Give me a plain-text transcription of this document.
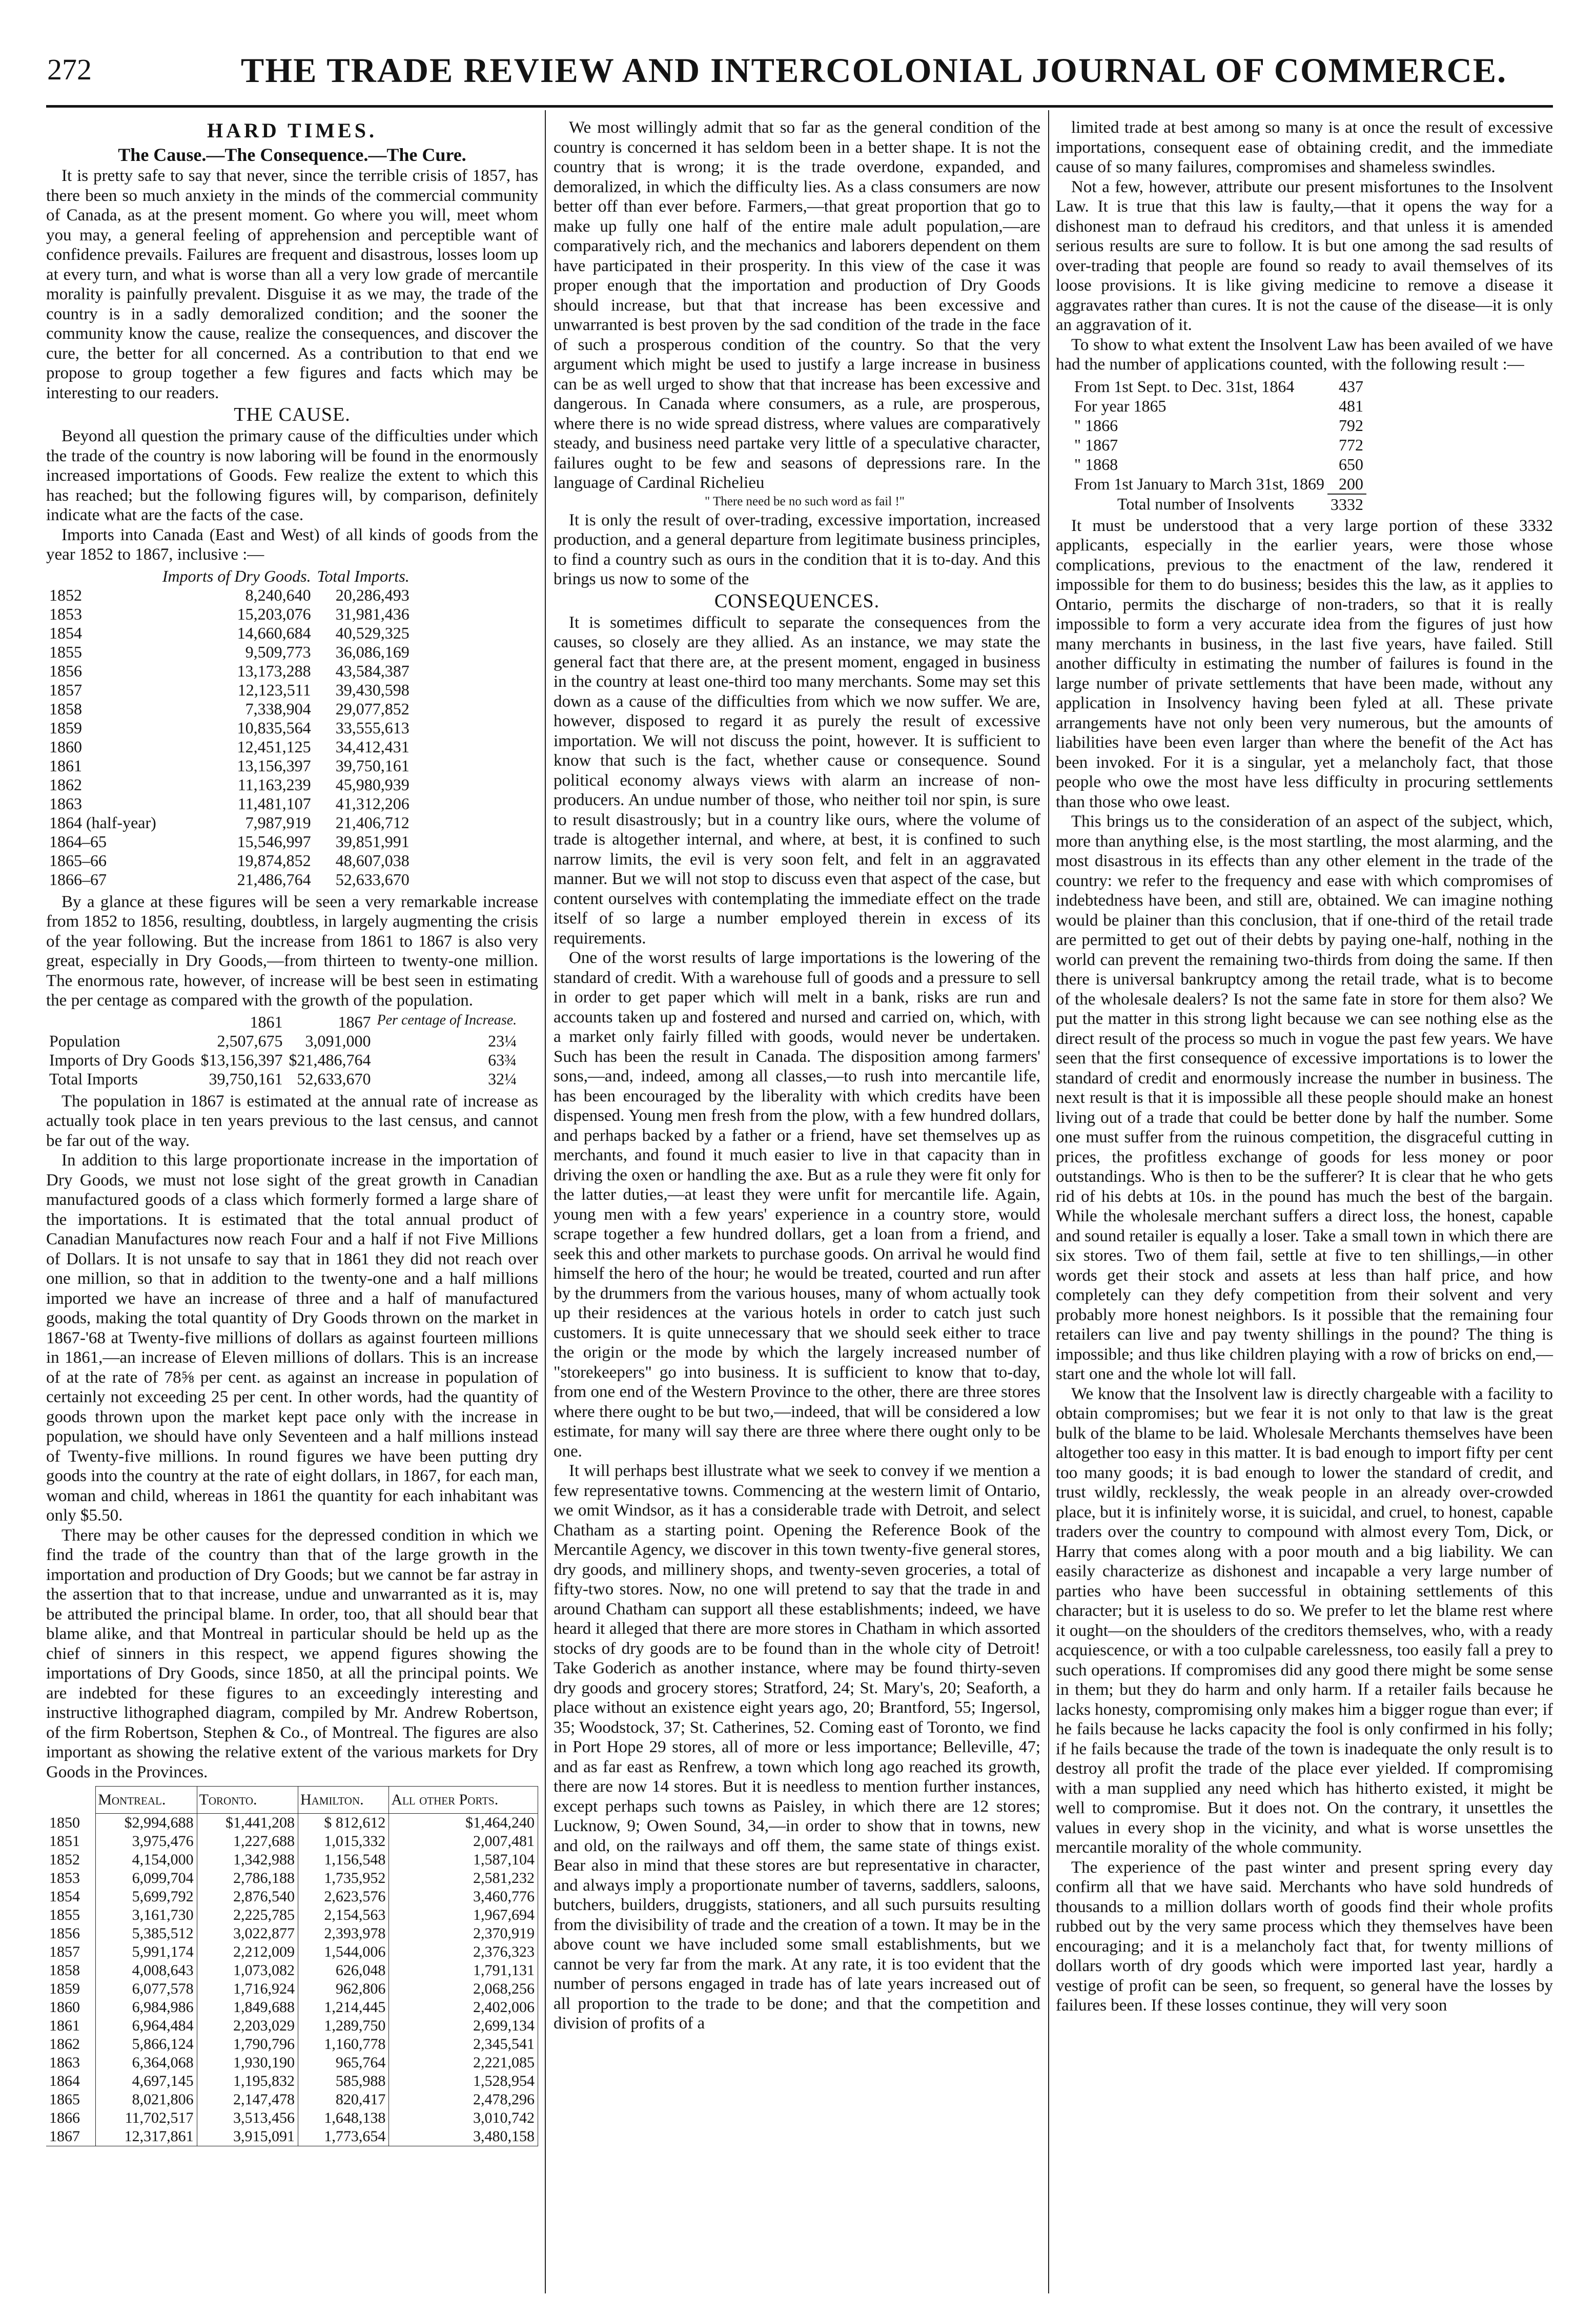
272	THE TRADE REVIEW AND INTERCOLONIAL JOURNAL OF COMMERCE.

HARD TIMES.

The Cause.—The Consequence.—The Cure.

It is pretty safe to say that never, since the terrible crisis of 1857, has there been so much anxiety in the minds of the commercial community of Canada, as at the present moment. Go where you will, meet whom you may, a general feeling of apprehension and perceptible want of confidence prevails. Failures are frequent and disastrous, losses loom up at every turn, and what is worse than all a very low grade of mercantile morality is painfully prevalent. Disguise it as we may, the trade of the country is in a sadly demoralized condition; and the sooner the community know the cause, realize the consequences, and discover the cure, the better for all concerned. As a contribution to that end we propose to group together a few figures and facts which may be interesting to our readers.

THE CAUSE.

Beyond all question the primary cause of the difficulties under which the trade of the country is now laboring will be found in the enormously increased importations of Goods. Few realize the extent to which this has reached; but the following figures will, by comparison, definitely indicate what are the facts of the case.

Imports into Canada (East and West) of all kinds of goods from the year 1852 to 1867, inclusive :—

	Imports of Dry Goods.	Total Imports.
1852	8,240,640	20,286,493
1853	15,203,076	31,981,436
1854	14,660,684	40,529,325
1855	9,509,773	36,086,169
1856	13,173,288	43,584,387
1857	12,123,511	39,430,598
1858	7,338,904	29,077,852
1859	10,835,564	33,555,613
1860	12,451,125	34,412,431
1861	13,156,397	39,750,161
1862	11,163,239	45,980,939
1863	11,481,107	41,312,206
1864 (half-year)	7,987,919	21,406,712
1864–65	15,546,997	39,851,991
1865–66	19,874,852	48,607,038
1866–67	21,486,764	52,633,670

By a glance at these figures will be seen a very remarkable increase from 1852 to 1856, resulting, doubtless, in largely augmenting the crisis of the year following. But the increase from 1861 to 1867 is also very great, especially in Dry Goods,—from thirteen to twenty-one million. The enormous rate, however, of increase will be best seen in estimating the per centage as compared with the growth of the population.

	1861	1867	Per centage of Increase.
Population	2,507,675	3,091,000	23¼
Imports of Dry Goods	$13,156,397	$21,486,764	63¾
Total Imports	39,750,161	52,633,670	32¼

The population in 1867 is estimated at the annual rate of increase as actually took place in ten years previous to the last census, and cannot be far out of the way.

In addition to this large proportionate increase in the importation of Dry Goods, we must not lose sight of the great growth in Canadian manufactured goods of a class which formerly formed a large share of the importations. It is estimated that the total annual product of Canadian Manufactures now reach Four and a half if not Five Millions of Dollars. It is not unsafe to say that in 1861 they did not reach over one million, so that in addition to the twenty-one and a half millions imported we have an increase of three and a half of manufactured goods, making the total quantity of Dry Goods thrown on the market in 1867-'68 at Twenty-five millions of dollars as against fourteen millions in 1861,—an increase of Eleven millions of dollars. This is an increase of at the rate of 78⅝ per cent. as against an increase in population of certainly not exceeding 25 per cent. In other words, had the quantity of goods thrown upon the market kept pace only with the increase in population, we should have only Seventeen and a half millions instead of Twenty-five millions. In round figures we have been putting dry goods into the country at the rate of eight dollars, in 1867, for each man, woman and child, whereas in 1861 the quantity for each inhabitant was only $5.50.

There may be other causes for the depressed condition in which we find the trade of the country than that of the large growth in the importation and production of Dry Goods; but we cannot be far astray in the assertion that to that increase, undue and unwarranted as it is, may be attributed the principal blame. In order, too, that all should bear that blame alike, and that Montreal in particular should be held up as the chief of sinners in this respect, we append figures showing the importations of Dry Goods, since 1850, at all the principal points. We are indebted for these figures to an exceedingly interesting and instructive lithographed diagram, compiled by Mr. Andrew Robertson, of the firm Robertson, Stephen & Co., of Montreal. The figures are also important as showing the relative extent of the various markets for Dry Goods in the Provinces.

	Montreal.	Toronto.	Hamilton.	All other Ports.
1850	$2,994,688	$1,441,208	$ 812,612	$1,464,240
1851	3,975,476	1,227,688	1,015,332	2,007,481
1852	4,154,000	1,342,988	1,156,548	1,587,104
1853	6,099,704	2,786,188	1,735,952	2,581,232
1854	5,699,792	2,876,540	2,623,576	3,460,776
1855	3,161,730	2,225,785	2,154,563	1,967,694
1856	5,385,512	3,022,877	2,393,978	2,370,919
1857	5,991,174	2,212,009	1,544,006	2,376,323
1858	4,008,643	1,073,082	626,048	1,791,131
1859	6,077,578	1,716,924	962,806	2,068,256
1860	6,984,986	1,849,688	1,214,445	2,402,006
1861	6,964,484	2,203,029	1,289,750	2,699,134
1862	5,866,124	1,790,796	1,160,778	2,345,541
1863	6,364,068	1,930,190	965,764	2,221,085
1864	4,697,145	1,195,832	585,988	1,528,954
1865	8,021,806	2,147,478	820,417	2,478,296
1866	11,702,517	3,513,456	1,648,138	3,010,742
1867	12,317,861	3,915,091	1,773,654	3,480,158

We most willingly admit that so far as the general condition of the country is concerned it has seldom been in a better shape. It is not the country that is wrong; it is the trade overdone, expanded, and demoralized, in which the difficulty lies. As a class consumers are now better off than ever before. Farmers,—that great proportion that go to make up fully one half of the entire male adult population,—are comparatively rich, and the mechanics and laborers dependent on them have participated in their prosperity. In this view of the case it was proper enough that the importation and production of Dry Goods should increase, but that that increase has been excessive and unwarranted is best proven by the sad condition of the trade in the face of such a prosperous condition of the country. So that the very argument which might be used to justify a large increase in business can be as well urged to show that that increase has been excessive and dangerous. In Canada where consumers, as a rule, are prosperous, where there is no wide spread distress, where values are comparatively steady, and business need partake very little of a speculative character, failures ought to be few and seasons of depressions rare. In the language of Cardinal Richelieu

" There need be no such word as fail !"

It is only the result of over-trading, excessive importation, increased production, and a general departure from legitimate business principles, to find a country such as ours in the condition that it is to-day. And this brings us now to some of the

CONSEQUENCES.

It is sometimes difficult to separate the consequences from the causes, so closely are they allied. As an instance, we may state the general fact that there are, at the present moment, engaged in business in the country at least one-third too many merchants. Some may set this down as a cause of the difficulties from which we now suffer. We are, however, disposed to regard it as purely the result of excessive importation. We will not discuss the point, however. It is sufficient to know that such is the fact, whether cause or consequence. Sound political economy always views with alarm an increase of non-producers. An undue number of those, who neither toil nor spin, is sure to result disastrously; but in a country like ours, where the volume of trade is altogether internal, and where, at best, it is confined to such narrow limits, the evil is very soon felt, and felt in an aggravated manner. But we will not stop to discuss even that aspect of the case, but content ourselves with contemplating the immediate effect on the trade itself of so large a number employed therein in excess of its requirements.

One of the worst results of large importations is the lowering of the standard of credit. With a warehouse full of goods and a pressure to sell in order to get paper which will melt in a bank, risks are run and accounts taken up and fostered and nursed and carried on, which, with a market only fairly filled with goods, would never be undertaken. Such has been the result in Canada. The disposition among farmers' sons,—and, indeed, among all classes,—to rush into mercantile life, has been encouraged by the liberality with which credits have been dispensed. Young men fresh from the plow, with a few hundred dollars, and perhaps backed by a father or a friend, have set themselves up as merchants, and found it much easier to live in that capacity than in driving the oxen or handling the axe. But as a rule they were fit only for the latter duties,—at least they were unfit for mercantile life. Again, young men with a few years' experience in a country store, would scrape together a few hundred dollars, get a loan from a friend, and seek this and other markets to purchase goods. On arrival he would find himself the hero of the hour; he would be treated, courted and run after by the drummers from the various houses, many of whom actually took up their residences at the various hotels in order to catch just such customers. It is quite unnecessary that we should seek either to trace the origin or the mode by which the largely increased number of "storekeepers" go into business. It is sufficient to know that to-day, from one end of the Western Province to the other, there are three stores where there ought to be but two,—indeed, that will be considered a low estimate, for many will say there are three where there ought only to be one.

It will perhaps best illustrate what we seek to convey if we mention a few representative towns. Commencing at the western limit of Ontario, we omit Windsor, as it has a considerable trade with Detroit, and select Chatham as a starting point. Opening the Reference Book of the Mercantile Agency, we discover in this town twenty-five general stores, dry goods, and millinery shops, and twenty-seven groceries, a total of fifty-two stores. Now, no one will pretend to say that the trade in and around Chatham can support all these establishments; indeed, we have heard it alleged that there are more stores in Chatham in which assorted stocks of dry goods are to be found than in the whole city of Detroit! Take Goderich as another instance, where may be found thirty-seven dry goods and grocery stores; Stratford, 24; St. Mary's, 20; Seaforth, a place without an existence eight years ago, 20; Brantford, 55; Ingersol, 35; Woodstock, 37; St. Catherines, 52. Coming east of Toronto, we find in Port Hope 29 stores, all of more or less importance; Belleville, 47; and as far east as Renfrew, a town which long ago reached its growth, there are now 14 stores. But it is needless to mention further instances, except perhaps such towns as Paisley, in which there are 12 stores; Lucknow, 9; Owen Sound, 34,—in order to show that in towns, new and old, on the railways and off them, the same state of things exist. Bear also in mind that these stores are but representative in character, and always imply a proportionate number of taverns, saddlers, saloons, butchers, builders, druggists, stationers, and all such pursuits resulting from the divisibility of trade and the creation of a town. It may be in the above count we have included some small establishments, but we cannot be very far from the mark. At any rate, it is too evident that the number of persons engaged in trade has of late years increased out of all proportion to the trade to be done; and that the competition and division of profits of a

limited trade at best among so many is at once the result of excessive importations, consequent ease of obtaining credit, and the immediate cause of so many failures, compromises and shameless swindles.

Not a few, however, attribute our present misfortunes to the Insolvent Law. It is true that this law is faulty,—that it opens the way for a dishonest man to defraud his creditors, and that unless it is amended serious results are sure to follow. It is but one among the sad results of over-trading that people are found so ready to avail themselves of its loose provisions. It is like giving medicine to remove a disease it aggravates rather than cures. It is not the cause of the disease—it is only an aggravation of it.

To show to what extent the Insolvent Law has been availed of we have had the number of applications counted, with the following result :—

From 1st Sept. to Dec. 31st, 1864	437
For year 1865	481
" 1866	792
" 1867	772
" 1868	650
From 1st January to March 31st, 1869	200
Total number of Insolvents	3332

It must be understood that a very large portion of these 3332 applicants, especially in the earlier years, were those whose complications, previous to the enactment of the law, rendered it impossible for them to do business; besides this the law, as it applies to Ontario, permits the discharge of non-traders, so that it is really impossible to form a very accurate idea from the figures of just how many merchants in business, in the last five years, have failed. Still another difficulty in estimating the number of failures is found in the large number of private settlements that have been made, without any application in Insolvency having been fyled at all. These private arrangements have not only been very numerous, but the amounts of liabilities have been even larger than where the benefit of the Act has been invoked. For it is a singular, yet a melancholy fact, that those people who owe the most have less difficulty in procuring settlements than those who owe least.

This brings us to the consideration of an aspect of the subject, which, more than anything else, is the most startling, the most alarming, and the most disastrous in its effects than any other element in the trade of the country: we refer to the frequency and ease with which compromises of indebtedness have been, and still are, obtained. We can imagine nothing would be plainer than this conclusion, that if one-third of the retail trade are permitted to get out of their debts by paying one-half, nothing in the world can prevent the remaining two-thirds from doing the same. If then there is universal bankruptcy among the retail trade, what is to become of the wholesale dealers? Is not the same fate in store for them also? We put the matter in this strong light because we can see nothing else as the direct result of the process so much in vogue the past few years. We have seen that the first consequence of excessive importations is to lower the standard of credit and enormously increase the number in business. The next result is that it is impossible all these people should make an honest living out of a trade that could be better done by half the number. Some one must suffer from the ruinous competition, the disgraceful cutting in prices, the profitless exchange of goods for less money or poor outstandings. Who is then to be the sufferer? It is clear that he who gets rid of his debts at 10s. in the pound has much the best of the bargain. While the wholesale merchant suffers a direct loss, the honest, capable and sound retailer is equally a loser. Take a small town in which there are six stores. Two of them fail, settle at five to ten shillings,—in other words get their stock and assets at less than half price, and how completely can they defy competition from their solvent and very probably more honest neighbors. Is it possible that the remaining four retailers can live and pay twenty shillings in the pound? The thing is impossible; and thus like children playing with a row of bricks on end,—start one and the whole lot will fall.

We know that the Insolvent law is directly chargeable with a facility to obtain compromises; but we fear it is not only to that law is the great bulk of the blame to be laid. Wholesale Merchants themselves have been altogether too easy in this matter. It is bad enough to import fifty per cent too many goods; it is bad enough to lower the standard of credit, and trust wildly, recklessly, the weak people in an already over-crowded place, but it is infinitely worse, it is suicidal, and cruel, to honest, capable traders over the country to compound with almost every Tom, Dick, or Harry that comes along with a poor mouth and a big liability. We can easily characterize as dishonest and incapable a very large number of parties who have been successful in obtaining settlements of this character; but it is useless to do so. We prefer to let the blame rest where it ought—on the shoulders of the creditors themselves, who, with a ready acquiescence, or with a too culpable carelessness, too easily fall a prey to such operations. If compromises did any good there might be some sense in them; but they do harm and only harm. If a retailer fails because he lacks honesty, compromising only makes him a bigger rogue than ever; if he fails because he lacks capacity the fool is only confirmed in his folly; if he fails because the trade of the town is inadequate the only result is to destroy all profit the trade of the place ever yielded. If compromising with a man supplied any need which has hitherto existed, it might be well to compromise. But it does not. On the contrary, it unsettles the values in every shop in the vicinity, and what is worse unsettles the mercantile morality of the whole community.

The experience of the past winter and present spring every day confirm all that we have said. Merchants who have sold hundreds of thousands to a million dollars worth of goods find their whole profits rubbed out by the very same process which they themselves have been encouraging; and it is a melancholy fact that, for twenty millions of dollars worth of dry goods which were imported last year, hardly a vestige of profit can be seen, so frequent, so general have the losses by failures been. If these losses continue, they will very soon
